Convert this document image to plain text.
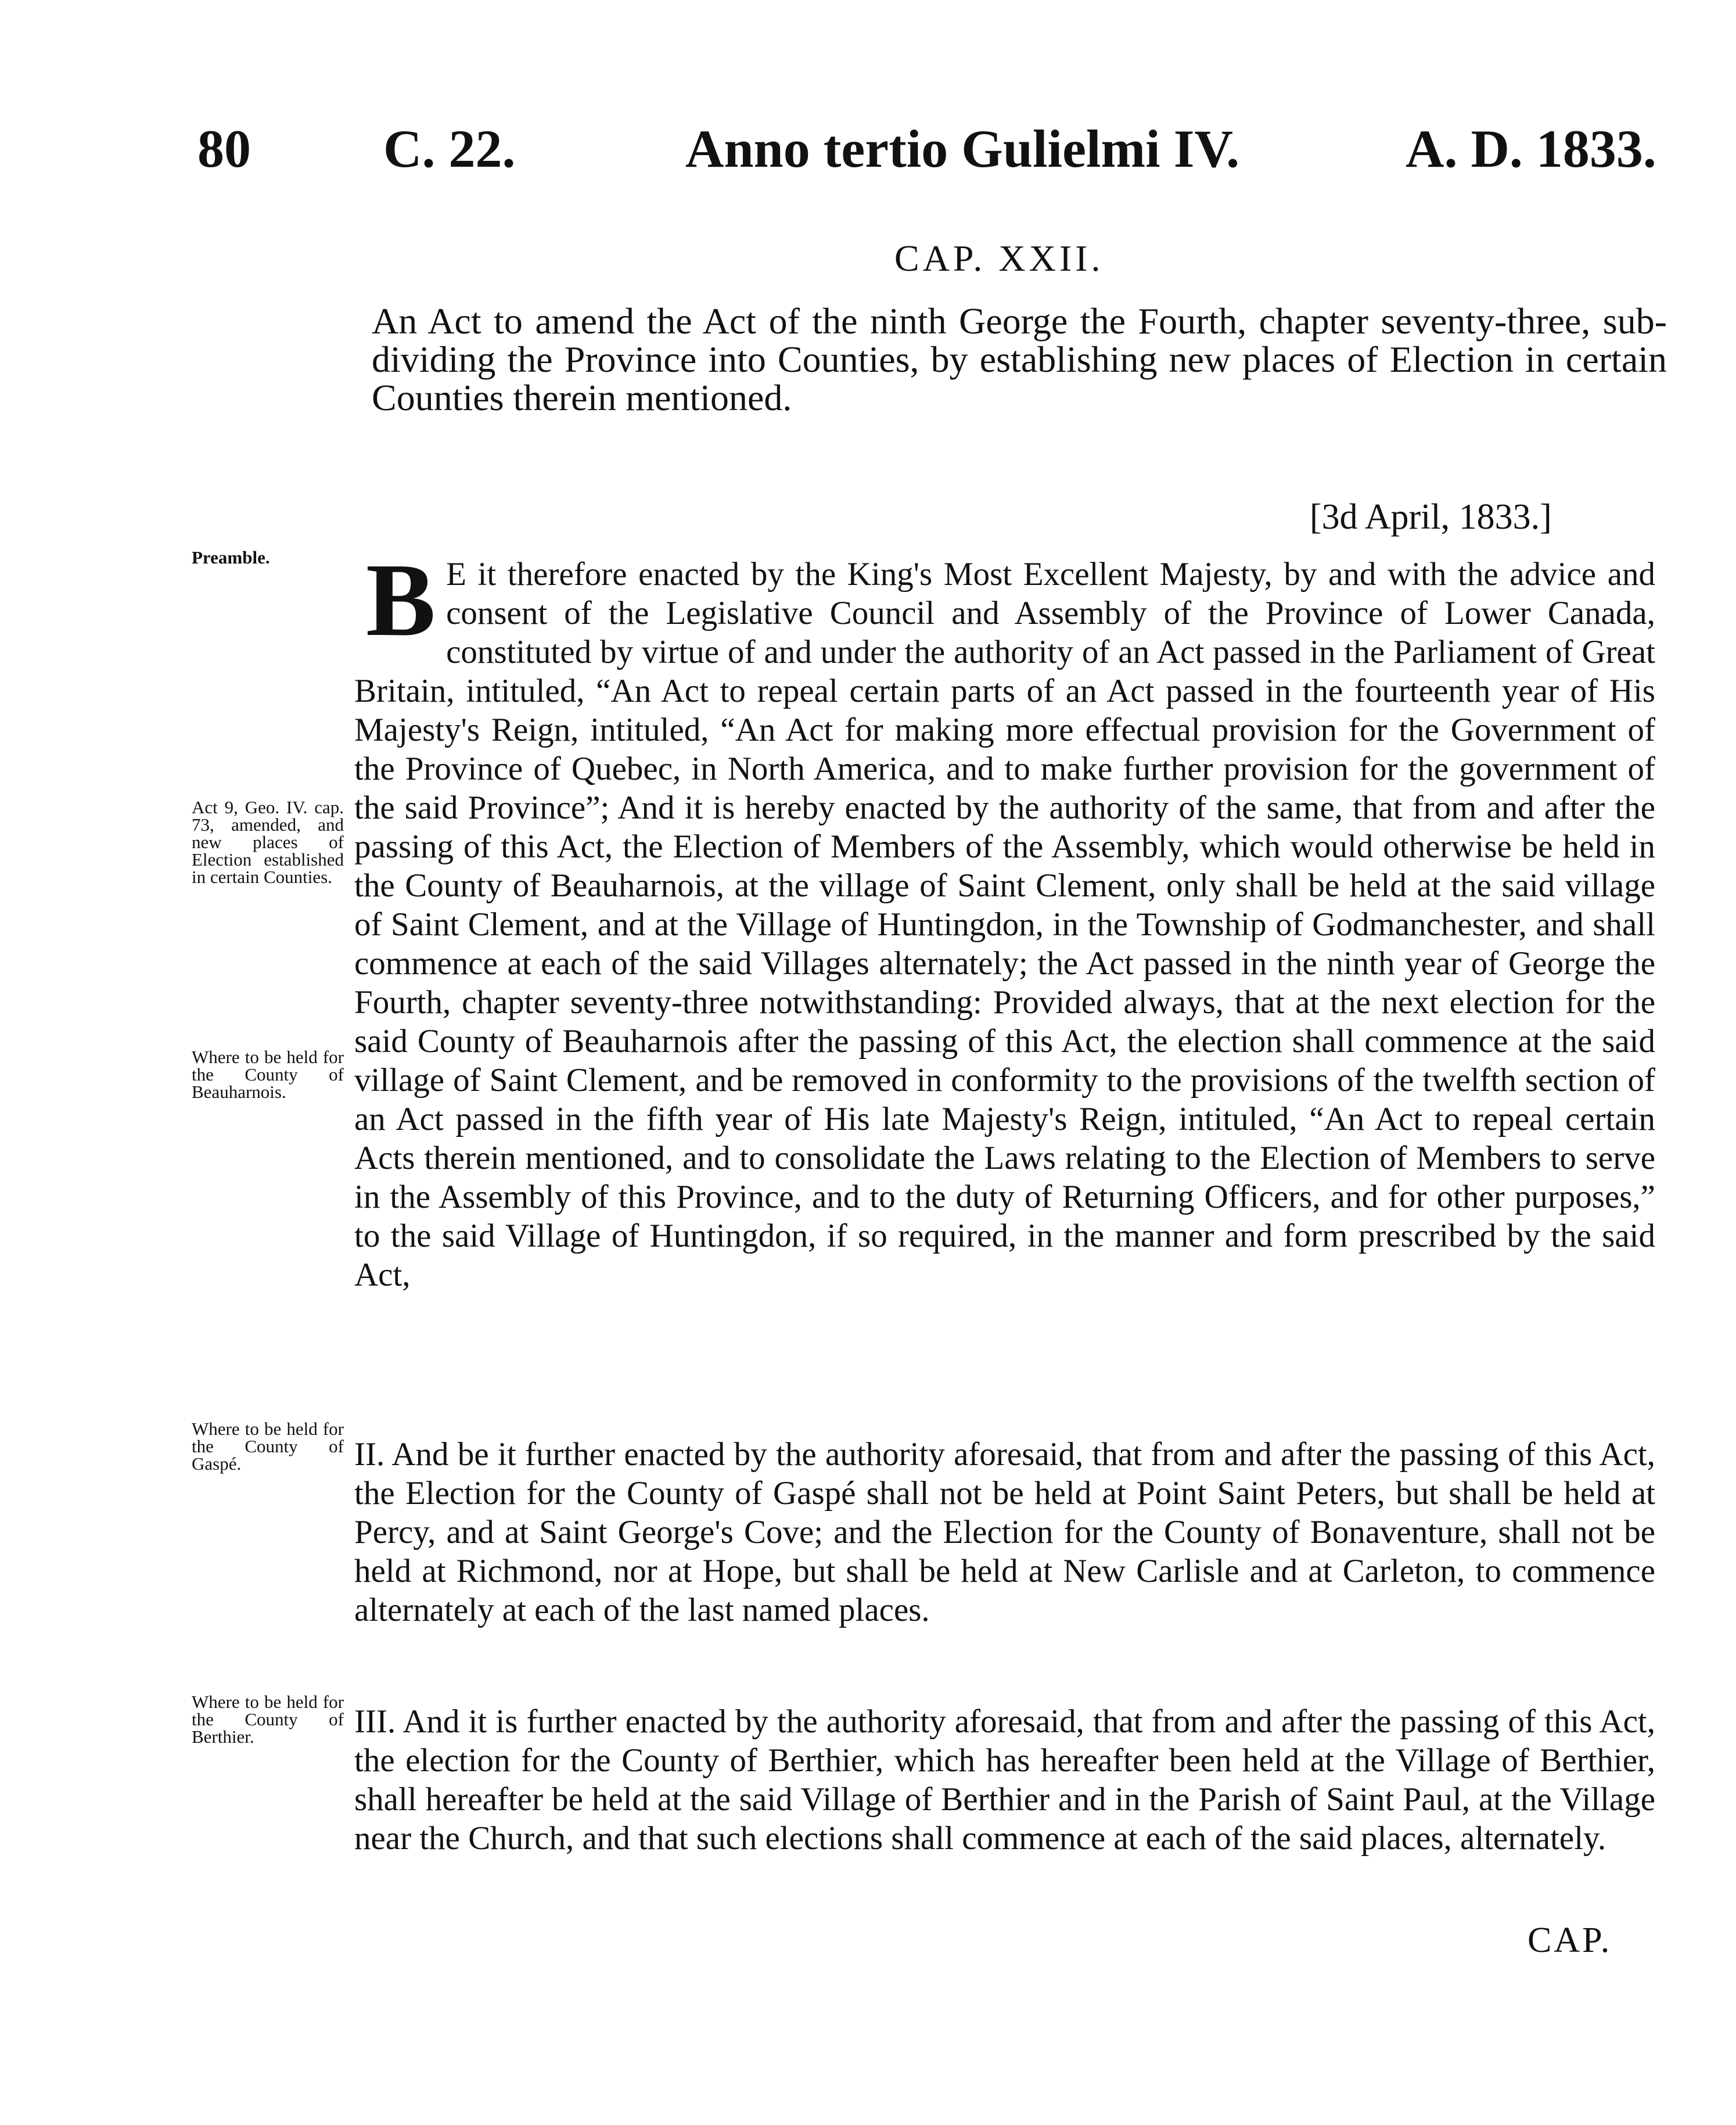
80 C. 22.	Anno tertio Gulielmi IV.	A. D. 1833.
CAP. XXII.
An Act to amend the Act of the ninth George the Fourth, chapter seventy-three, sub-dividing the Province into Counties, by establishing new places of Election in certain Counties therein mentioned.
[3d April, 1833.]
Preamble.
Act 9, Geo. IV. cap. 73, amended, and new places of Election established in certain Counties.
Where to be held for the County of Beauharnois.
Where to be held for the County of Gaspé.
Where to be held for the County of Berthier.
B E it therefore enacted by the King's Most Excellent Majesty, by and with the advice and consent of the Legislative Council and Assembly of the Province of Lower Canada, constituted by virtue of and under the authority of an Act passed in the Parliament of Great Britain, intituled, “An Act to repeal certain parts of an Act passed in the fourteenth year of His Majesty's Reign, intituled, “An Act for making more effectual provision for the Government of the Province of Quebec, in North America, and to make further provision for the government of the said Province”; And it is hereby enacted by the authority of the same, that from and after the passing of this Act, the Election of Members of the Assembly, which would otherwise be held in the County of Beauharnois, at the village of Saint Clement, only shall be held at the said village of Saint Clement, and at the Village of Huntingdon, in the Township of Godmanchester, and shall commence at each of the said Villages alternately; the Act passed in the ninth year of George the Fourth, chapter seventy-three notwithstanding: Provided always, that at the next election for the said County of Beauharnois after the passing of this Act, the election shall commence at the said village of Saint Clement, and be removed in conformity to the provisions of the twelfth section of an Act passed in the fifth year of His late Majesty's Reign, intituled, “An Act to repeal certain Acts therein mentioned, and to consolidate the Laws relating to the Election of Members to serve in the Assembly of this Province, and to the duty of Returning Officers, and for other purposes,” to the said Village of Huntingdon, if so required, in the manner and form prescribed by the said Act,
II. And be it further enacted by the authority aforesaid, that from and after the passing of this Act, the Election for the County of Gaspé shall not be held at Point Saint Peters, but shall be held at Percy, and at Saint George's Cove; and the Election for the County of Bonaventure, shall not be held at Richmond, nor at Hope, but shall be held at New Carlisle and at Carleton, to commence alternately at each of the last named places.
III. And it is further enacted by the authority aforesaid, that from and after the passing of this Act, the election for the County of Berthier, which has hereafter been held at the Village of Berthier, shall hereafter be held at the said Village of Berthier and in the Parish of Saint Paul, at the Village near the Church, and that such elections shall commence at each of the said places, alternately.
CAP.
